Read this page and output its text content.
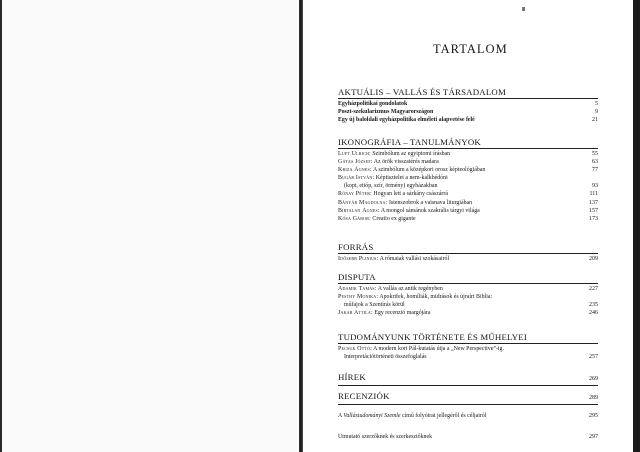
TARTALOM
AKTUÁLIS – VALLÁS ÉS TÁRSADALOM
Egyházpolitikai gondolatok	5
Poszt-szekularizmus Magyarországon	9
Egy új baloldali egyházpolitika elméleti alapvetése felé	21
IKONOGRÁFIA – TANULMÁNYOK
Luft Ulrich: Szimbólum az egyiptomi írásban	55
Gátas József: Az örök visszatérés madara	63
Kriza Ágnes: A szimbólum a középkori orosz képteológiában	77
Bugár István: Képtisztelet a nem-kalkhédóni
(kopt, etióp, szír, örmény) egyházakban	93
Rónay Péter: Hogyan lett a sárkány császárrá	111
Bányár Magdolna: Istenszobrok a vaisnava liturgiában	137
Birtalan Ágnes: A mongol sámánok szakrális tárgyi világa	157
Kósa Gábor: Creatio ex gigante	173
FORRÁS
Idősebb Plinius: A rómaiak vallási szokásairól	209
DISPUTA
Adamik Tamás: A vallás az antik regényben	227
Pesthy Monika: Apokrifek, homíliák, midrások és újraírt Biblia:
műfajok a Szentírás körül	235
Jakab Attila: Egy recenzió margójára	246
TUDOMÁNYUNK TÖRTÉNETE ÉS MŰHELYEI
Pecsuk Ottó: A modern kori Pál-kutatás útja a „New Perspective”-ig.
Interpretációtörténeti összefoglalás	257
HÍREK	269
RECENZIÓK	289
A Vallástudományi Szemle című folyóirat jellegéről és céljairól	295
Útmutató szerzőknek és szerkesztőknek	297
